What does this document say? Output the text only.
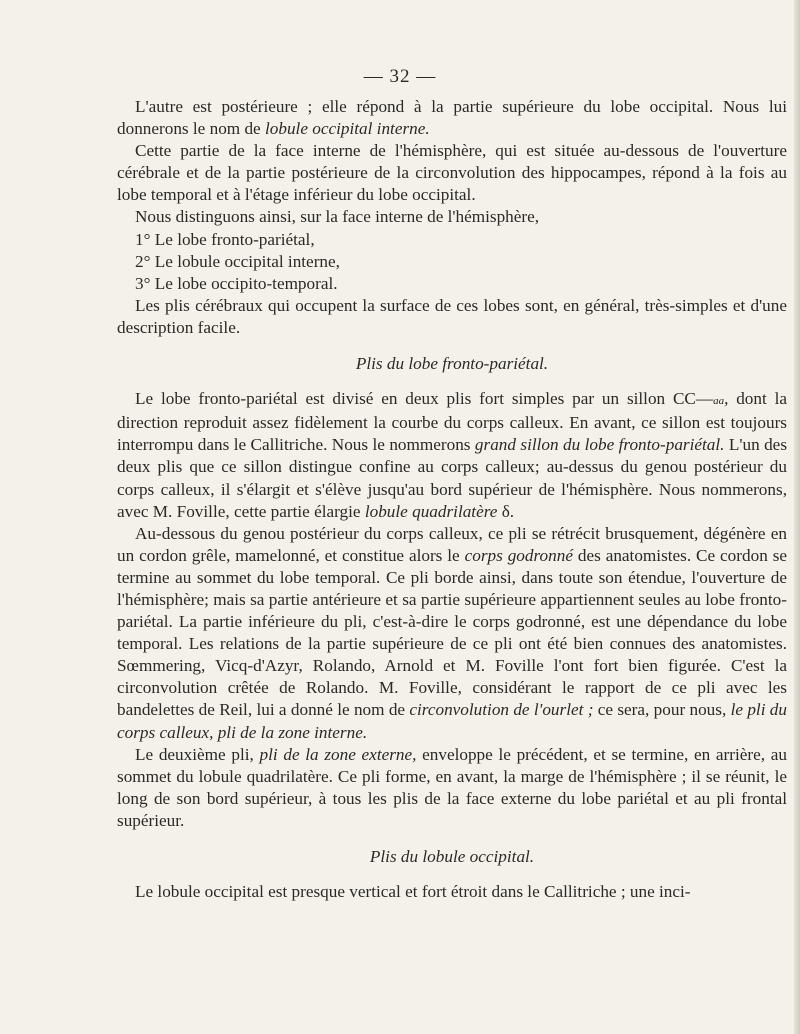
— 32 —

L'autre est postérieure ; elle répond à la partie supérieure du lobe occipital. Nous lui donnerons le nom de lobule occipital interne.

Cette partie de la face interne de l'hémisphère, qui est située au-dessous de l'ouverture cérébrale et de la partie postérieure de la circonvolution des hippocampes, répond à la fois au lobe temporal et à l'étage inférieur du lobe occipital.

Nous distinguons ainsi, sur la face interne de l'hémisphère,

1° Le lobe fronto-pariétal,

2° Le lobule occipital interne,

3° Le lobe occipito-temporal.

Les plis cérébraux qui occupent la surface de ces lobes sont, en général, très-simples et d'une description facile.

Plis du lobe fronto-pariétal.

Le lobe fronto-pariétal est divisé en deux plis fort simples par un sillon CC—aa, dont la direction reproduit assez fidèlement la courbe du corps calleux. En avant, ce sillon est toujours interrompu dans le Callitriche. Nous le nommerons grand sillon du lobe fronto-pariétal. L'un des deux plis que ce sillon distingue confine au corps calleux; au-dessus du genou postérieur du corps calleux, il s'élargit et s'élève jusqu'au bord supérieur de l'hémisphère. Nous nommerons, avec M. Foville, cette partie élargie lobule quadrilatère δ.

Au-dessous du genou postérieur du corps calleux, ce pli se rétrécit brusquement, dégénère en un cordon grêle, mamelonné, et constitue alors le corps godronné des anatomistes. Ce cordon se termine au sommet du lobe temporal. Ce pli borde ainsi, dans toute son étendue, l'ouverture de l'hémisphère; mais sa partie antérieure et sa partie supérieure appartiennent seules au lobe fronto-pariétal. La partie inférieure du pli, c'est-à-dire le corps godronné, est une dépendance du lobe temporal. Les relations de la partie supérieure de ce pli ont été bien connues des anatomistes. Sœmmering, Vicq-d'Azyr, Rolando, Arnold et M. Foville l'ont fort bien figurée. C'est la circonvolution crêtée de Rolando. M. Foville, considérant le rapport de ce pli avec les bandelettes de Reil, lui a donné le nom de circonvolution de l'ourlet ; ce sera, pour nous, le pli du corps calleux, pli de la zone interne.

Le deuxième pli, pli de la zone externe, enveloppe le précédent, et se termine, en arrière, au sommet du lobule quadrilatère. Ce pli forme, en avant, la marge de l'hémisphère ; il se réunit, le long de son bord supérieur, à tous les plis de la face externe du lobe pariétal et au pli frontal supérieur.

Plis du lobule occipital.

Le lobule occipital est presque vertical et fort étroit dans le Callitriche ; une inci-
